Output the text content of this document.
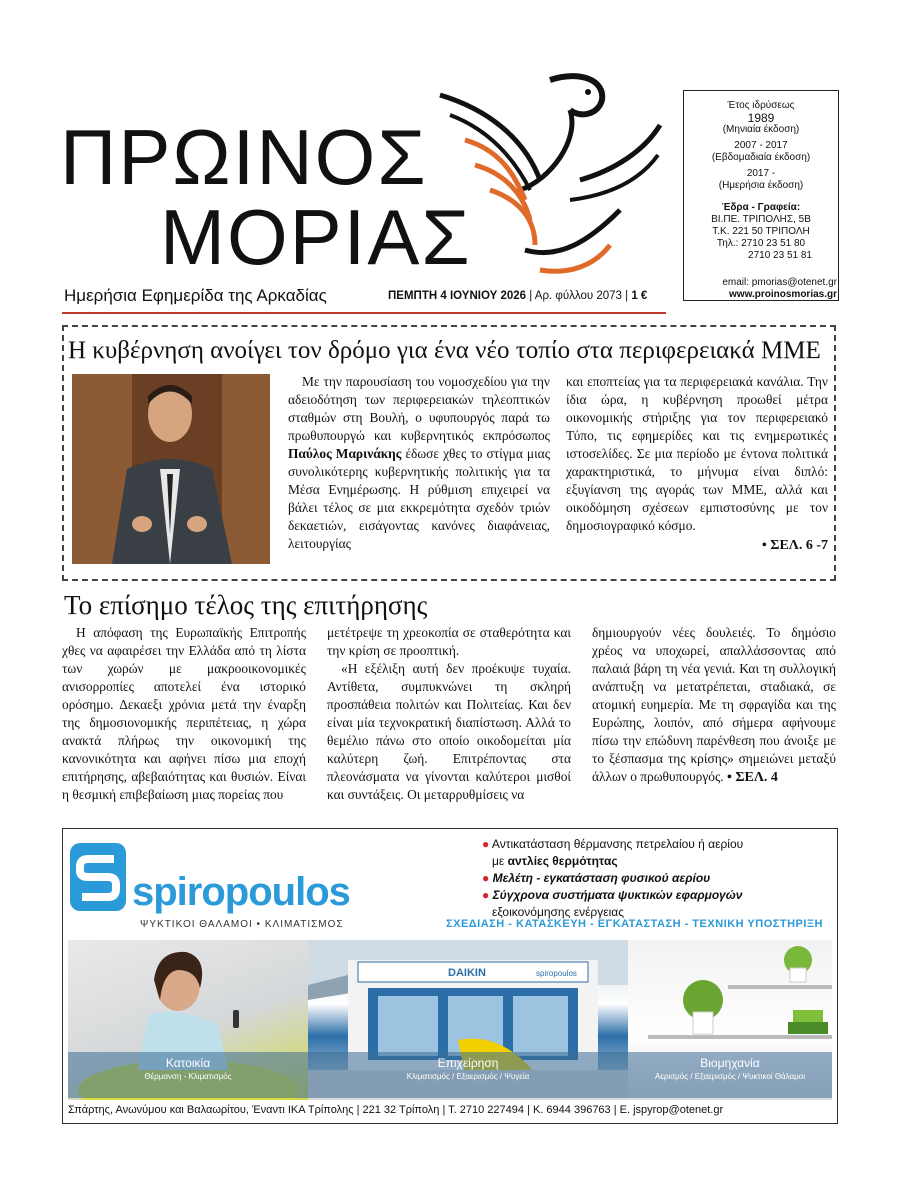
ΠΡΩΙΝΟΣ
ΜΟΡΙΑΣ
Ημερήσια Εφημερίδα της Αρκαδίας	ΠΕΜΠΤΗ 4 ΙΟΥΝΙΟΥ 2026 | Αρ. φύλλου 2073 | 1 €
Έτος ιδρύσεως
1989
(Μηνιαία έκδοση)
2007 - 2017
(Εβδομαδιαία έκδοση)
2017 -
(Ημερήσια έκδοση)
Έδρα - Γραφεία:
ΒΙ.ΠΕ. ΤΡΙΠΟΛΗΣ, 5Β
Τ.Κ. 221 50 ΤΡΙΠΟΛΗ
Τηλ.: 2710 23 51 80
2710 23 51 81
email: pmorias@otenet.gr
www.proinosmorias.gr
Η κυβέρνηση ανοίγει τον δρόμο για ένα νέο τοπίο στα περιφερειακά ΜΜΕ

Με την παρουσίαση του νομοσχεδίου για την αδειοδότηση των περιφερειακών τηλεοπτικών σταθμών στη Βουλή, ο υφυπουργός παρά τω πρωθυπουργώ και κυβερνητικός εκπρόσωπος Παύλος Μαρινάκης έδωσε χθες το στίγμα μιας συνολικότερης κυβερνητικής πολιτικής για τα Μέσα Ενημέρωσης. Η ρύθμιση επιχειρεί να βάλει τέλος σε μια εκκρεμότητα σχεδόν τριών δεκαετιών, εισάγοντας κανόνες διαφάνειας, λειτουργίας

και εποπτείας για τα περιφερειακά κανάλια. Την ίδια ώρα, η κυβέρνηση προωθεί μέτρα οικονομικής στήριξης για τον περιφερειακό Τύπο, τις εφημερίδες και τις ενημερωτικές ιστοσελίδες. Σε μια περίοδο με έντονα πολιτικά χαρακτηριστικά, το μήνυμα είναι διπλό: εξυγίανση της αγοράς των ΜΜΕ, αλλά και οικοδόμηση σχέσεων εμπιστοσύνης με τον δημοσιογραφικό κόσμο.

• ΣΕΛ. 6 -7
Το επίσημο τέλος της επιτήρησης

Η απόφαση της Ευρωπαϊκής Επιτροπής χθες να αφαιρέσει την Ελλάδα από τη λίστα των χωρών με μακροοικονομικές ανισορροπίες αποτελεί ένα ιστορικό ορόσημο. Δεκαεξι χρόνια μετά την έναρξη της δημοσιονομικής περιπέτειας, η χώρα ανακτά πλήρως την οικονομική της κανονικότητα και αφήνει πίσω μια εποχή επιτήρησης, αβεβαιότητας και θυσιών. Είναι η θεσμική επιβεβαίωση μιας πορείας που

μετέτρεψε τη χρεοκοπία σε σταθερότητα και την κρίση σε προοπτική.

«Η εξέλιξη αυτή δεν προέκυψε τυχαία. Αντίθετα, συμπυκνώνει τη σκληρή προσπάθεια πολιτών και Πολιτείας. Και δεν είναι μία τεχνοκρατική διαπίστωση. Αλλά το θεμέλιο πάνω στο οποίο οικοδομείται μία καλύτερη ζωή. Επιτρέποντας στα πλεονάσματα να γίνονται καλύτεροι μισθοί και συντάξεις. Οι μεταρρυθμίσεις να

δημιουργούν νέες δουλειές. Το δημόσιο χρέος να υποχωρεί, απαλλάσσοντας από παλαιά βάρη τη νέα γενιά. Και τη συλλογική ανάπτυξη να μετατρέπεται, σταδιακά, σε ατομική ευημερία. Με τη σφραγίδα και της Ευρώπης, λοιπόν, από σήμερα αφήνουμε πίσω την επώδυνη παρένθεση που άνοιξε με το ξέσπασμα της κρίσης» σημειώνει μεταξύ άλλων ο πρωθυπουργός. • ΣΕΛ. 4

spiropoulos
ΨΥΚΤΙΚΟΙ ΘΑΛΑΜΟΙ • ΚΛΙΜΑΤΙΣΜΟΣ
● Αντικατάσταση θέρμανσης πετρελαίου ή αερίου
με αντλίες θερμότητας
● Μελέτη - εγκατάσταση φυσικού αερίου
● Σύγχρονα συστήματα ψυκτικών εφαρμογών
εξοικονόμησης ενέργειας
ΣΧΕΔΙΑΣΗ - ΚΑΤΑΣΚΕΥΗ - ΕΓΚΑΤΑΣΤΑΣΗ - ΤΕΧΝΙΚΗ ΥΠΟΣΤΗΡΙΞΗ
DAIKIN	spiropoulos
Κατοικία
Θέρμανση - Κλιματισμός
Επιχείρηση
Κλιματισμός / Εξαερισμός / Ψυγεία
Βιομηχανία
Αερισμός / Εξαερισμός / Ψυκτικοί Θάλαμοι
Σπάρτης, Ανωνύμου και Βαλαωρίτου, Έναντι ΙΚΑ Τρίπολης | 221 32 Τρίπολη | Τ. 2710 227494 | Κ. 6944 396763 | Ε. jspyrop@otenet.gr
